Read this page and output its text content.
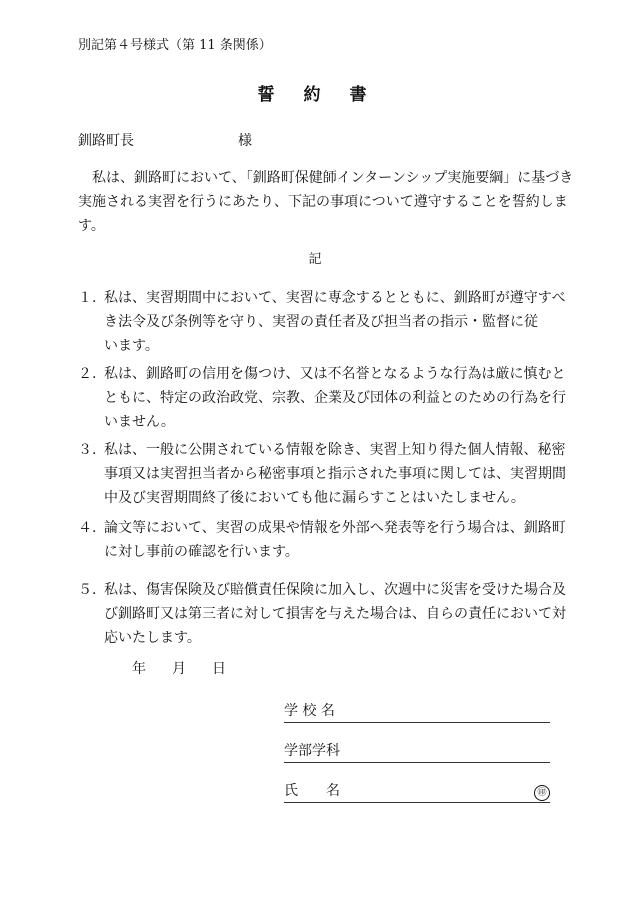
別記第４号様式（第 11 条関係）
誓　約　書
釧路町長	様
　私は、釧路町において、「釧路町保健師インターンシップ実施要綱」に基づき
実施される実習を行うにあたり、下記の事項について遵守することを誓約しま
す。
記
１. 私は、実習期間中において、実習に専念するとともに、釧路町が遵守すべ
き法令及び条例等を守り、実習の責任者及び担当者の指示・監督に従
います。
２. 私は、釧路町の信用を傷つけ、又は不名誉となるような行為は厳に慎むと
ともに、特定の政治政党、宗教、企業及び団体の利益とのための行為を行
いません。
３. 私は、一般に公開されている情報を除き、実習上知り得た個人情報、秘密
事項又は実習担当者から秘密事項と指示された事項に関しては、実習期間
中及び実習期間終了後においても他に漏らすことはいたしません。
４. 論文等において、実習の成果や情報を外部へ発表等を行う場合は、釧路町
に対し事前の確認を行います。
５. 私は、傷害保険及び賠償責任保険に加入し、次週中に災害を受けた場合及
び釧路町又は第三者に対して損害を与えた場合は、自らの責任において対
応いたします。
年 月 日
学 校 名
学部学科
氏　　名	㊞
